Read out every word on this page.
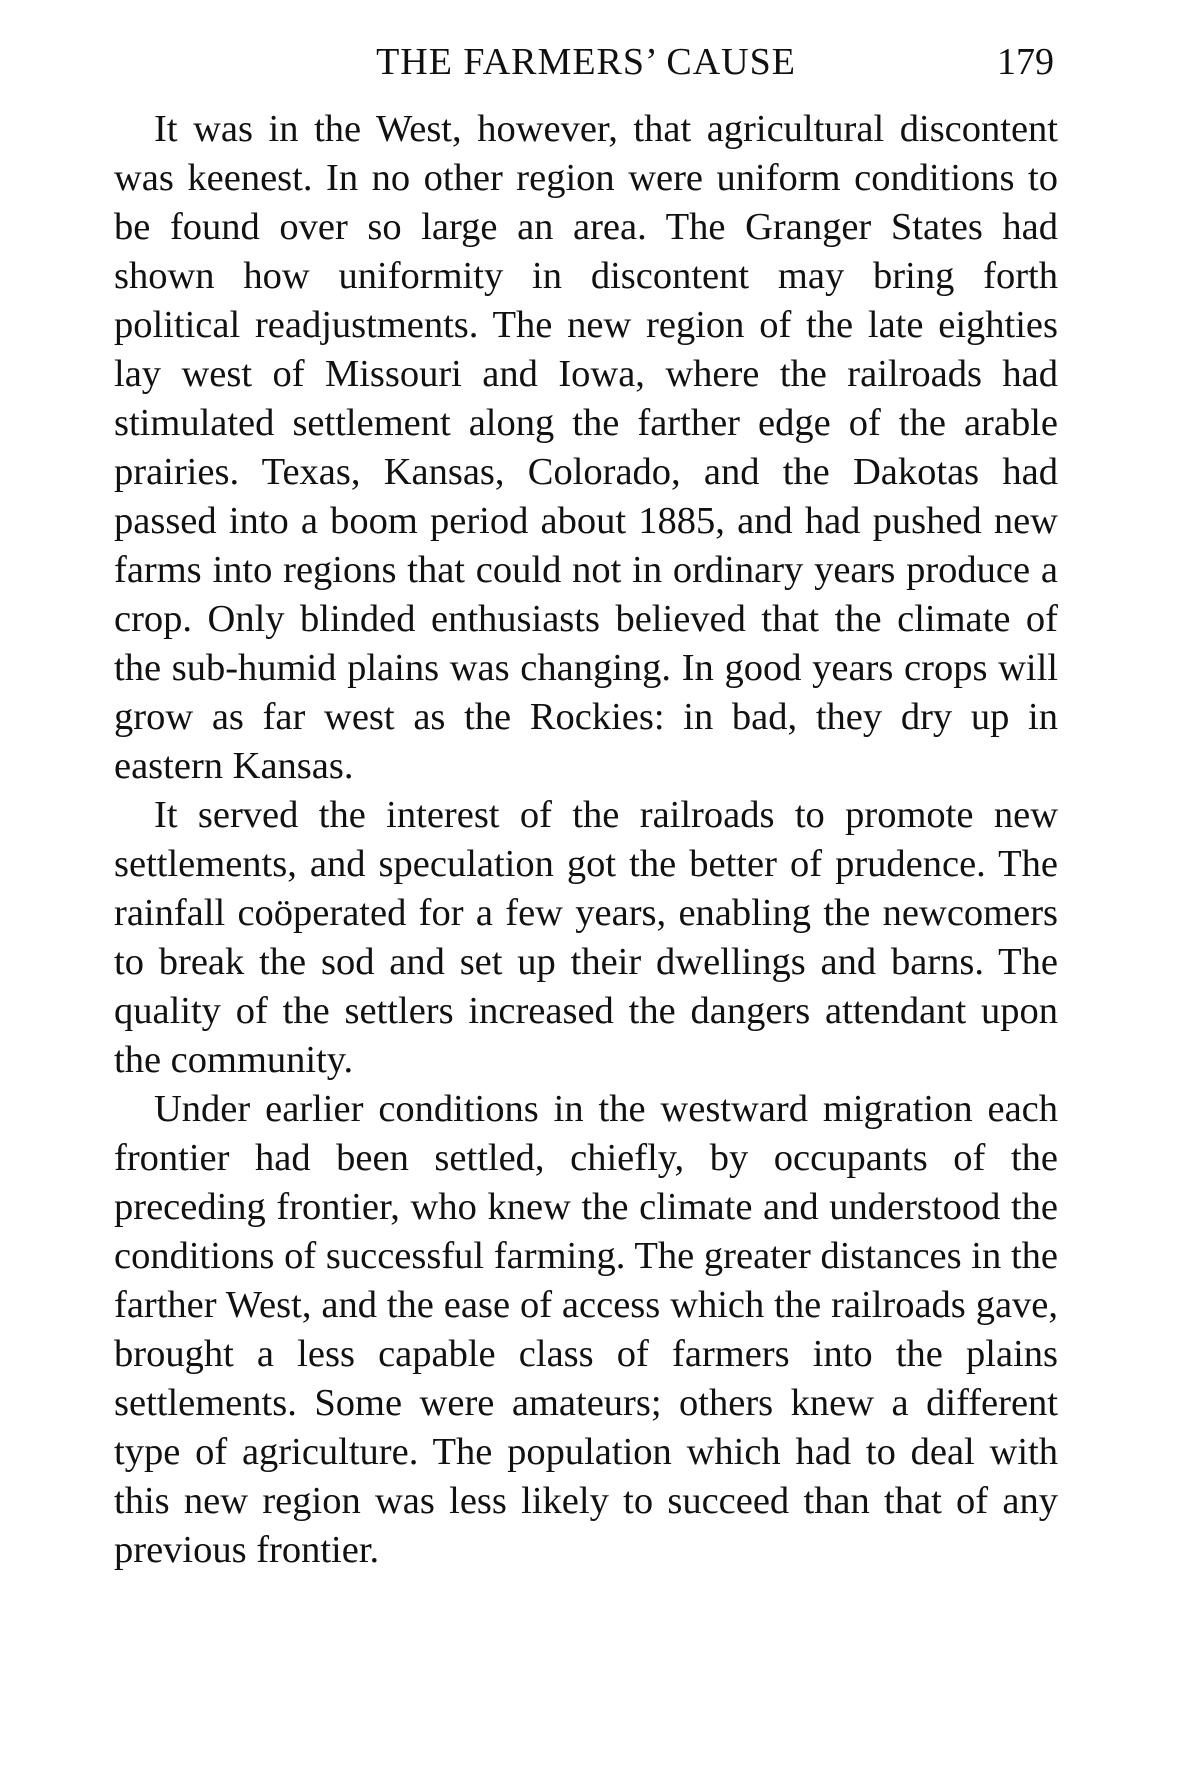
THE FARMERS’ CAUSE	179

It was in the West, however, that agricultural discontent was keenest. In no other region were uniform conditions to be found over so large an area. The Granger States had shown how uniformity in discontent may bring forth political readjustments. The new region of the late eighties lay west of Missouri and Iowa, where the railroads had stimulated settlement along the farther edge of the arable prairies. Texas, Kansas, Colorado, and the Dakotas had passed into a boom period about 1885, and had pushed new farms into regions that could not in ordinary years produce a crop. Only blinded enthusiasts believed that the climate of the sub-humid plains was changing. In good years crops will grow as far west as the Rockies: in bad, they dry up in eastern Kansas.

It served the interest of the railroads to promote new settlements, and speculation got the better of prudence. The rainfall coöperated for a few years, enabling the newcomers to break the sod and set up their dwellings and barns. The quality of the settlers increased the dangers attendant upon the community.

Under earlier conditions in the westward migration each frontier had been settled, chiefly, by occupants of the preceding frontier, who knew the climate and understood the conditions of successful farming. The greater distances in the farther West, and the ease of access which the railroads gave, brought a less capable class of farmers into the plains settlements. Some were amateurs; others knew a different type of agriculture. The population which had to deal with this new region was less likely to succeed than that of any previous frontier.
